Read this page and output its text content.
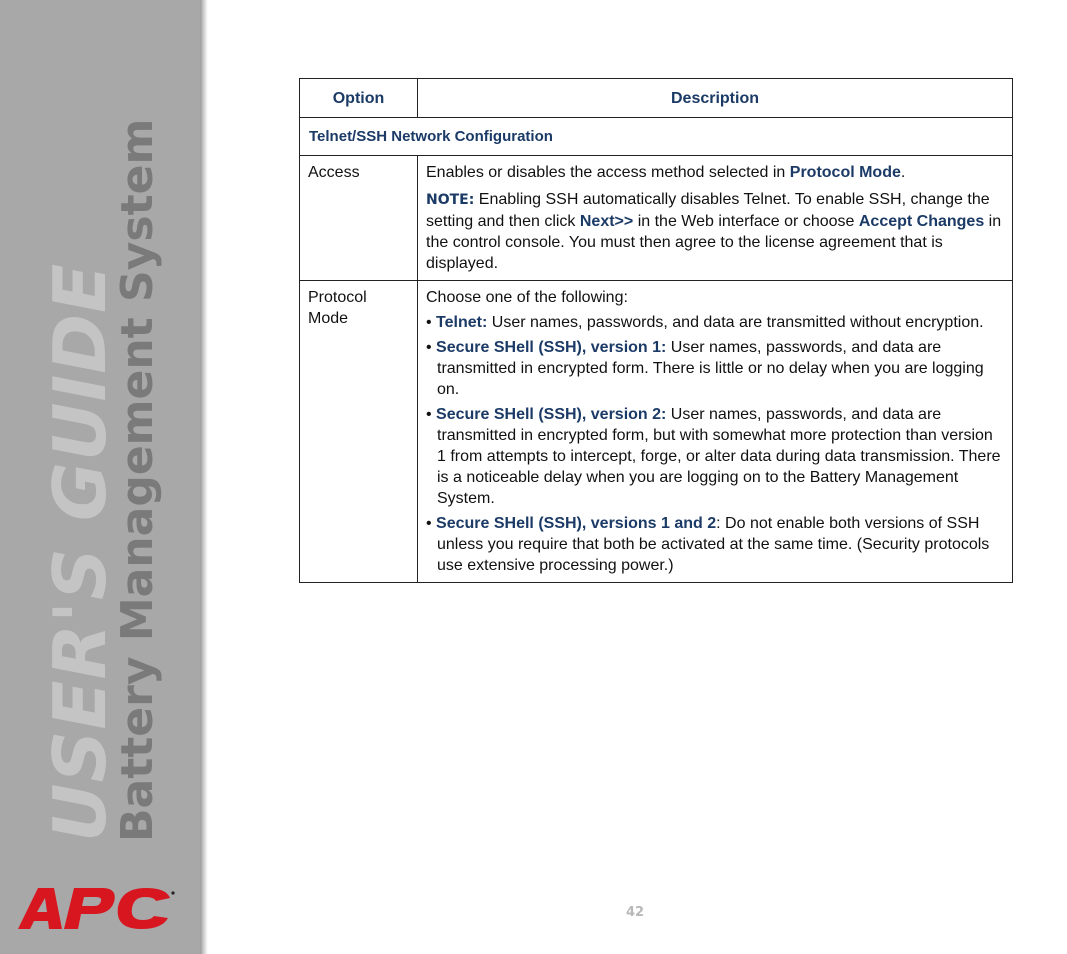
USER'S GUIDE
Battery Management System
42
Option	Description
Telnet/SSH Network Configuration	
Access	Enables or disables the access method selected in Protocol Mode.

NOTE: Enabling SSH automatically disables Telnet. To enable SSH, change the setting and then click Next>> in the Web interface or choose Accept Changes in the control console. You must then agree to the license agreement that is displayed.

Protocol Mode	Choose one of the following:

• Telnet: User names, passwords, and data are transmitted without encryption.

• Secure SHell (SSH), version 1: User names, passwords, and data are transmitted in encrypted form. There is little or no delay when you are logging on.

• Secure SHell (SSH), version 2: User names, passwords, and data are transmitted in encrypted form, but with somewhat more protection than version 1 from attempts to intercept, forge, or alter data during data transmission. There is a noticeable delay when you are logging on to the Battery Management System.

• Secure SHell (SSH), versions 1 and 2: Do not enable both versions of SSH unless you require that both be activated at the same time. (Security protocols use extensive processing power.)
